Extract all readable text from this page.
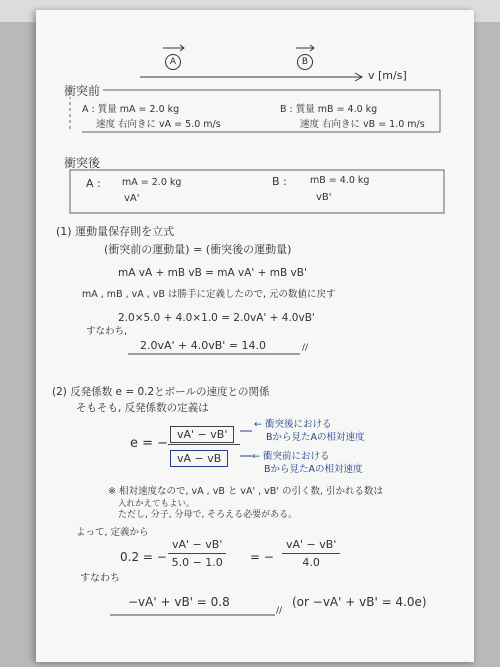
A	B
v [m/s]
衝突前
A : 質量 mA = 2.0 kg
速度 右向きに vA = 5.0 m/s
B : 質量 mB = 4.0 kg
速度 右向きに vB = 1.0 m/s
衝突後
A : mA = 2.0 kg
vA'
B : mB = 4.0 kg
vB'
(1) 運動量保存則を立式
(衝突前の運動量) = (衝突後の運動量)
mA vA + mB vB = mA vA' + mB vB'
mA , mB , vA , vB は勝手に定義したので, 元の数値に戻す
2.0×5.0 + 4.0×1.0 = 2.0vA' + 4.0vB'
すなわち,
2.0vA' + 4.0vB' = 14.0	//
(2) 反発係数 e = 0.2とボールの速度との関係
そもそも, 反発係数の定義は
e = −
vA' − vB'
vA − vB
← 衝突後における
Bから見たAの相対速度
← 衝突前における
Bから見たAの相対速度
※ 相対速度なので, vA , vB と vA' , vB' の引く数, 引かれる数は
入れかえてもよい。
ただし, 分子, 分母で, そろえる必要がある。
よって, 定義から
0.2 = − $\frac{vA' - vB'}{5.0 - 1.0}$ = − $\frac{vA' - vB'}{4.0}$
すなわち
−vA' + vB' = 0.8
//
(or −vA' + vB' = 4.0e)
